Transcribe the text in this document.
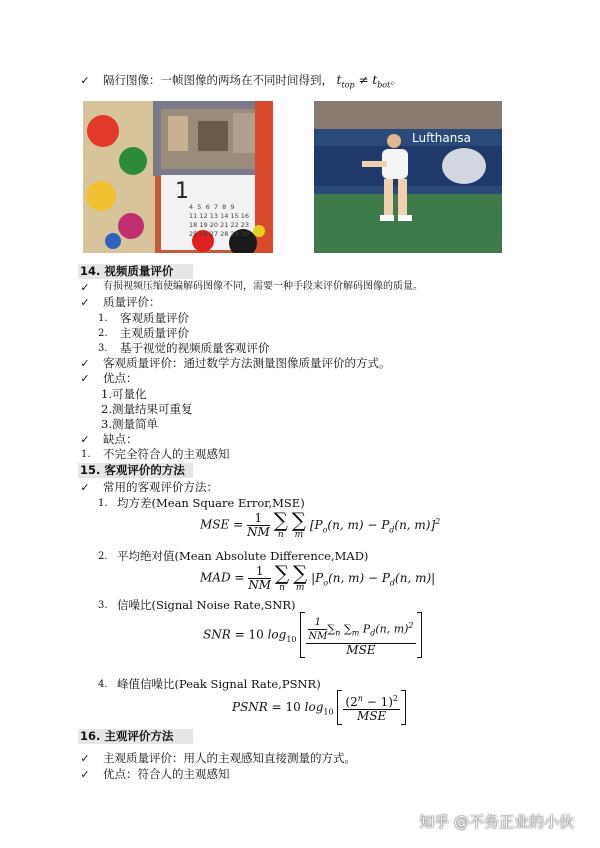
✓ 隔行图像：一帧图像的两场在不同时间得到， $t_{top} \ne t_{bot}$。
1
4 5 6 7 8 9
11 12 13 14 15 16
18 19 20 21 22 23
25 26 27 28 29 30
Lufthansa
14. 视频质量评价
✓ 有损视频压缩使编解码图像不同，需要一种手段来评价解码图像的质量。
✓ 质量评价：
1. 客观质量评价
2. 主观质量评价
3. 基于视觉的视频质量客观评价
✓ 客观质量评价：通过数学方法测量图像质量评价的方式。
✓ 优点：
1.可量化
2.测量结果可重复
3.测量简单
✓ 缺点：
1. 不完全符合人的主观感知
15. 客观评价的方法
✓ 常用的客观评价方法：
1. 均方差(Mean Square Error,MSE)
MSE = $\frac{1}{NM}$
∑
n

∑
m
[$P_o(n$, $m) - P_d(n$, m)]$^2$
2. 平均绝对值(Mean Absolute Difference,MAD)
MAD = $\frac{1}{NM}$
∑
n

∑
m
$|P_o(n$, $m) - P_d(n$, m)|
3. 信噪比(Signal Noise Rate,SNR)
SNR = 10 $\log_{10} \frac{\frac{1}{NM} \sum_n \sum_m P_d(n, m)^2}{\text{MSE}}$
4. 峰值信噪比(Peak Signal Rate,PSNR)
PSNR = 10 $\log_{10} \frac{(2^n - 1)^2}{\text{MSE}}$
16. 主观评价方法
✓ 主观质量评价：用人的主观感知直接测量的方式。
✓ 优点：符合人的主观感知
知乎 @不务正业的小伙
